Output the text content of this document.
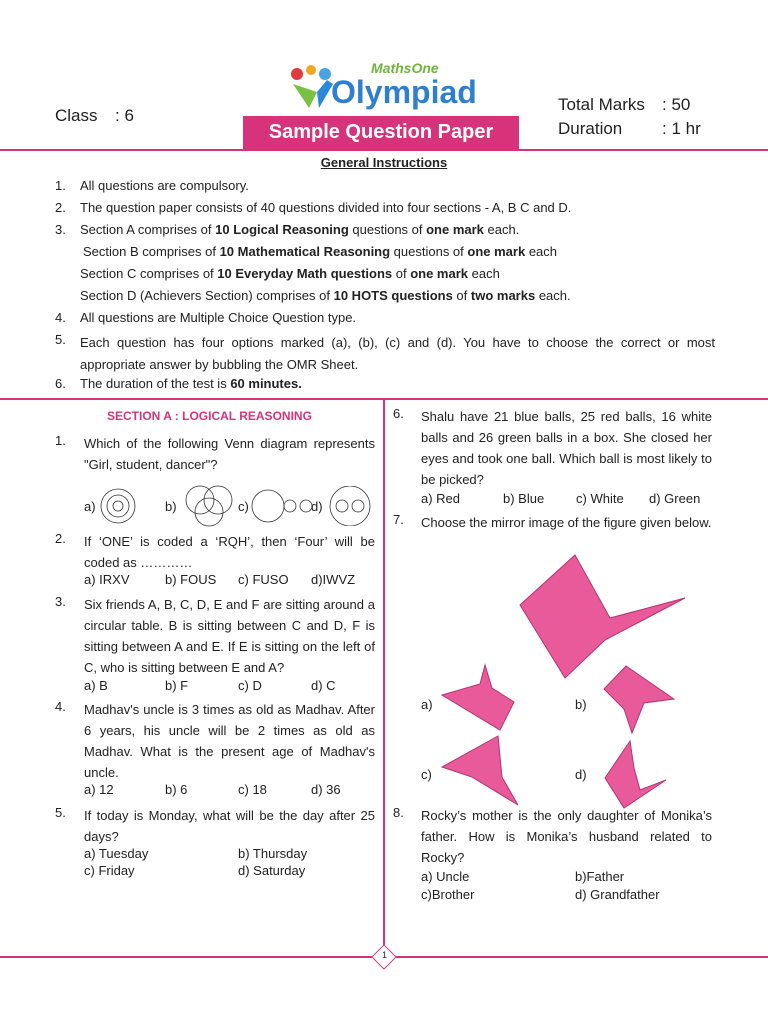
Class : 6
MathsOne
Olympiad
Sample Question Paper
Total Marks : 50
Duration : 1 hr
General Instructions
1. All questions are compulsory.
2. The question paper consists of 40 questions divided into four sections - A, B C and D.
3. Section A comprises of 10 Logical Reasoning questions of one mark each.
Section B comprises of 10 Mathematical Reasoning questions of one mark each
Section C comprises of 10 Everyday Math questions of one mark each
Section D (Achievers Section) comprises of 10 HOTS questions of two marks each.
4. All questions are Multiple Choice Question type.
5.	Each question has four options marked (a), (b), (c) and (d). You have to choose the correct or most appropriate answer by bubbling the OMR Sheet.
6. The duration of the test is 60 minutes.
SECTION A : LOGICAL REASONING
1.	Which of the following Venn diagram represents "Girl, student, dancer"?
a)	b)	c)	d)
2.	If ‘ONE’ is coded a ‘RQH’, then ‘Four’ will be coded as …………
a) IRXV	b) FOUS c) FUSO d)IWVZ
3.	Six friends A, B, C, D, E and F are sitting around a circular table. B is sitting between C and D, F is sitting between A and E. If E is sitting on the left of C, who is sitting between E and A?
a) B	b) F	c) D	d) C
4.	Madhav's uncle is 3 times as old as Madhav. After 6 years, his uncle will be 2 times as old as Madhav. What is the present age of Madhav's uncle.
a) 12	b) 6	c) 18	d) 36
5.	If today is Monday, what will be the day after 25 days?
a) Tuesday	b) Thursday
c) Friday	d) Saturday
6.	Shalu have 21 blue balls, 25 red balls, 16 white balls and 26 green balls in a box. She closed her eyes and took one ball. Which ball is most likely to be picked?
a) Red	b) Blue c) White d) Green
7.	Choose the mirror image of the figure given below.
a)	b)
c)	d)
8.	Rocky’s mother is the only daughter of Monika’s father. How is Monika’s husband related to Rocky?
a) Uncle	b)Father
c)Brother	d) Grandfather
1
